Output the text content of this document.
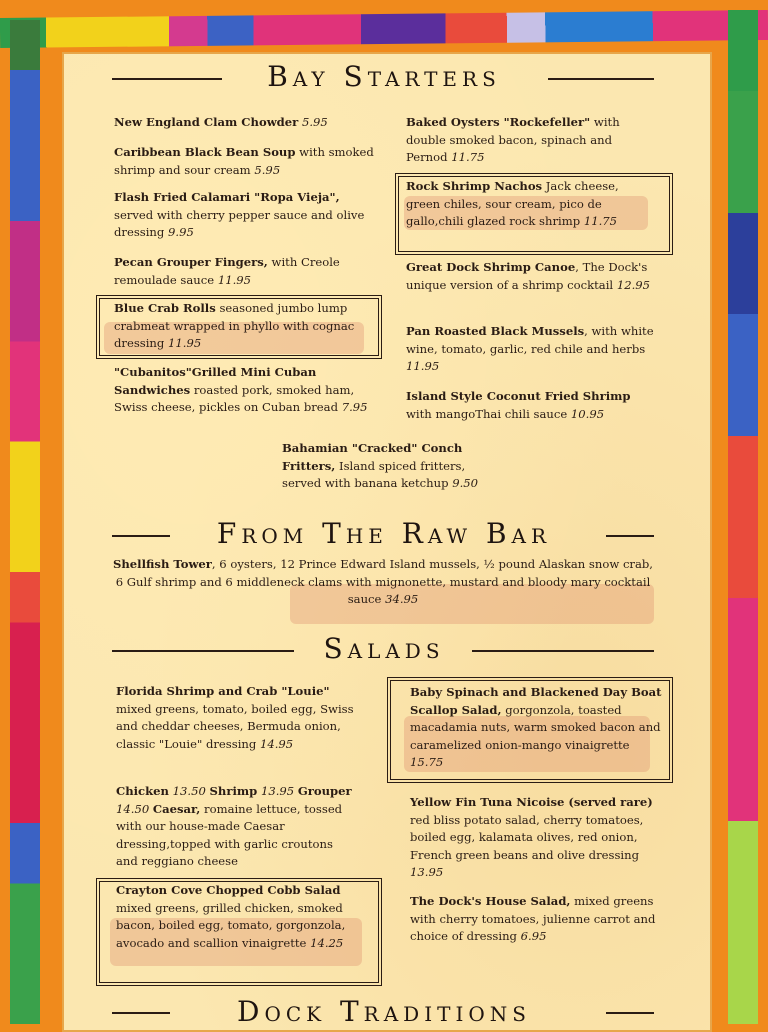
Bay Starters
From The Raw Bar
Salads
Dock Traditions
New England Clam Chowder 5.95
Caribbean Black Bean Soup with smoked shrimp and sour cream 5.95
Flash Fried Calamari "Ropa Vieja", served with cherry pepper sauce and olive dressing 9.95
Pecan Grouper Fingers, with Creole remoulade sauce 11.95
Blue Crab Rolls seasoned jumbo lump crabmeat wrapped in phyllo with cognac dressing 11.95
"Cubanitos"Grilled Mini Cuban Sandwiches roasted pork, smoked ham, Swiss cheese, pickles on Cuban bread 7.95
Baked Oysters "Rockefeller" with double smoked bacon, spinach and Pernod 11.75
Rock Shrimp Nachos Jack cheese, green chiles, sour cream, pico de gallo,chili glazed rock shrimp 11.75
Great Dock Shrimp Canoe, The Dock's unique version of a shrimp cocktail 12.95
Pan Roasted Black Mussels, with white wine, tomato, garlic, red chile and herbs 11.95
Island Style Coconut Fried Shrimp with mangoThai chili sauce 10.95
Bahamian "Cracked" Conch Fritters, Island spiced fritters, served with banana ketchup 9.50
Shellfish Tower, 6 oysters, 12 Prince Edward Island mussels, ½ pound Alaskan snow crab, 6 Gulf shrimp and 6 middleneck clams with mignonette, mustard and bloody mary cocktail sauce 34.95
Florida Shrimp and Crab "Louie" mixed greens, tomato, boiled egg, Swiss and cheddar cheeses, Bermuda onion, classic "Louie" dressing 14.95
Chicken 13.50 Shrimp 13.95 Grouper 14.50 Caesar, romaine lettuce, tossed with our house-made Caesar dressing,topped with garlic croutons and reggiano cheese
Crayton Cove Chopped Cobb Salad mixed greens, grilled chicken, smoked bacon, boiled egg, tomato, gorgonzola, avocado and scallion vinaigrette 14.25
Baby Spinach and Blackened Day Boat Scallop Salad, gorgonzola, toasted macadamia nuts, warm smoked bacon and caramelized onion-mango vinaigrette 15.75
Yellow Fin Tuna Nicoise (served rare) red bliss potato salad, cherry tomatoes, boiled egg, kalamata olives, red onion, French green beans and olive dressing 13.95
The Dock's House Salad, mixed greens with cherry tomatoes, julienne carrot and choice of dressing 6.95
